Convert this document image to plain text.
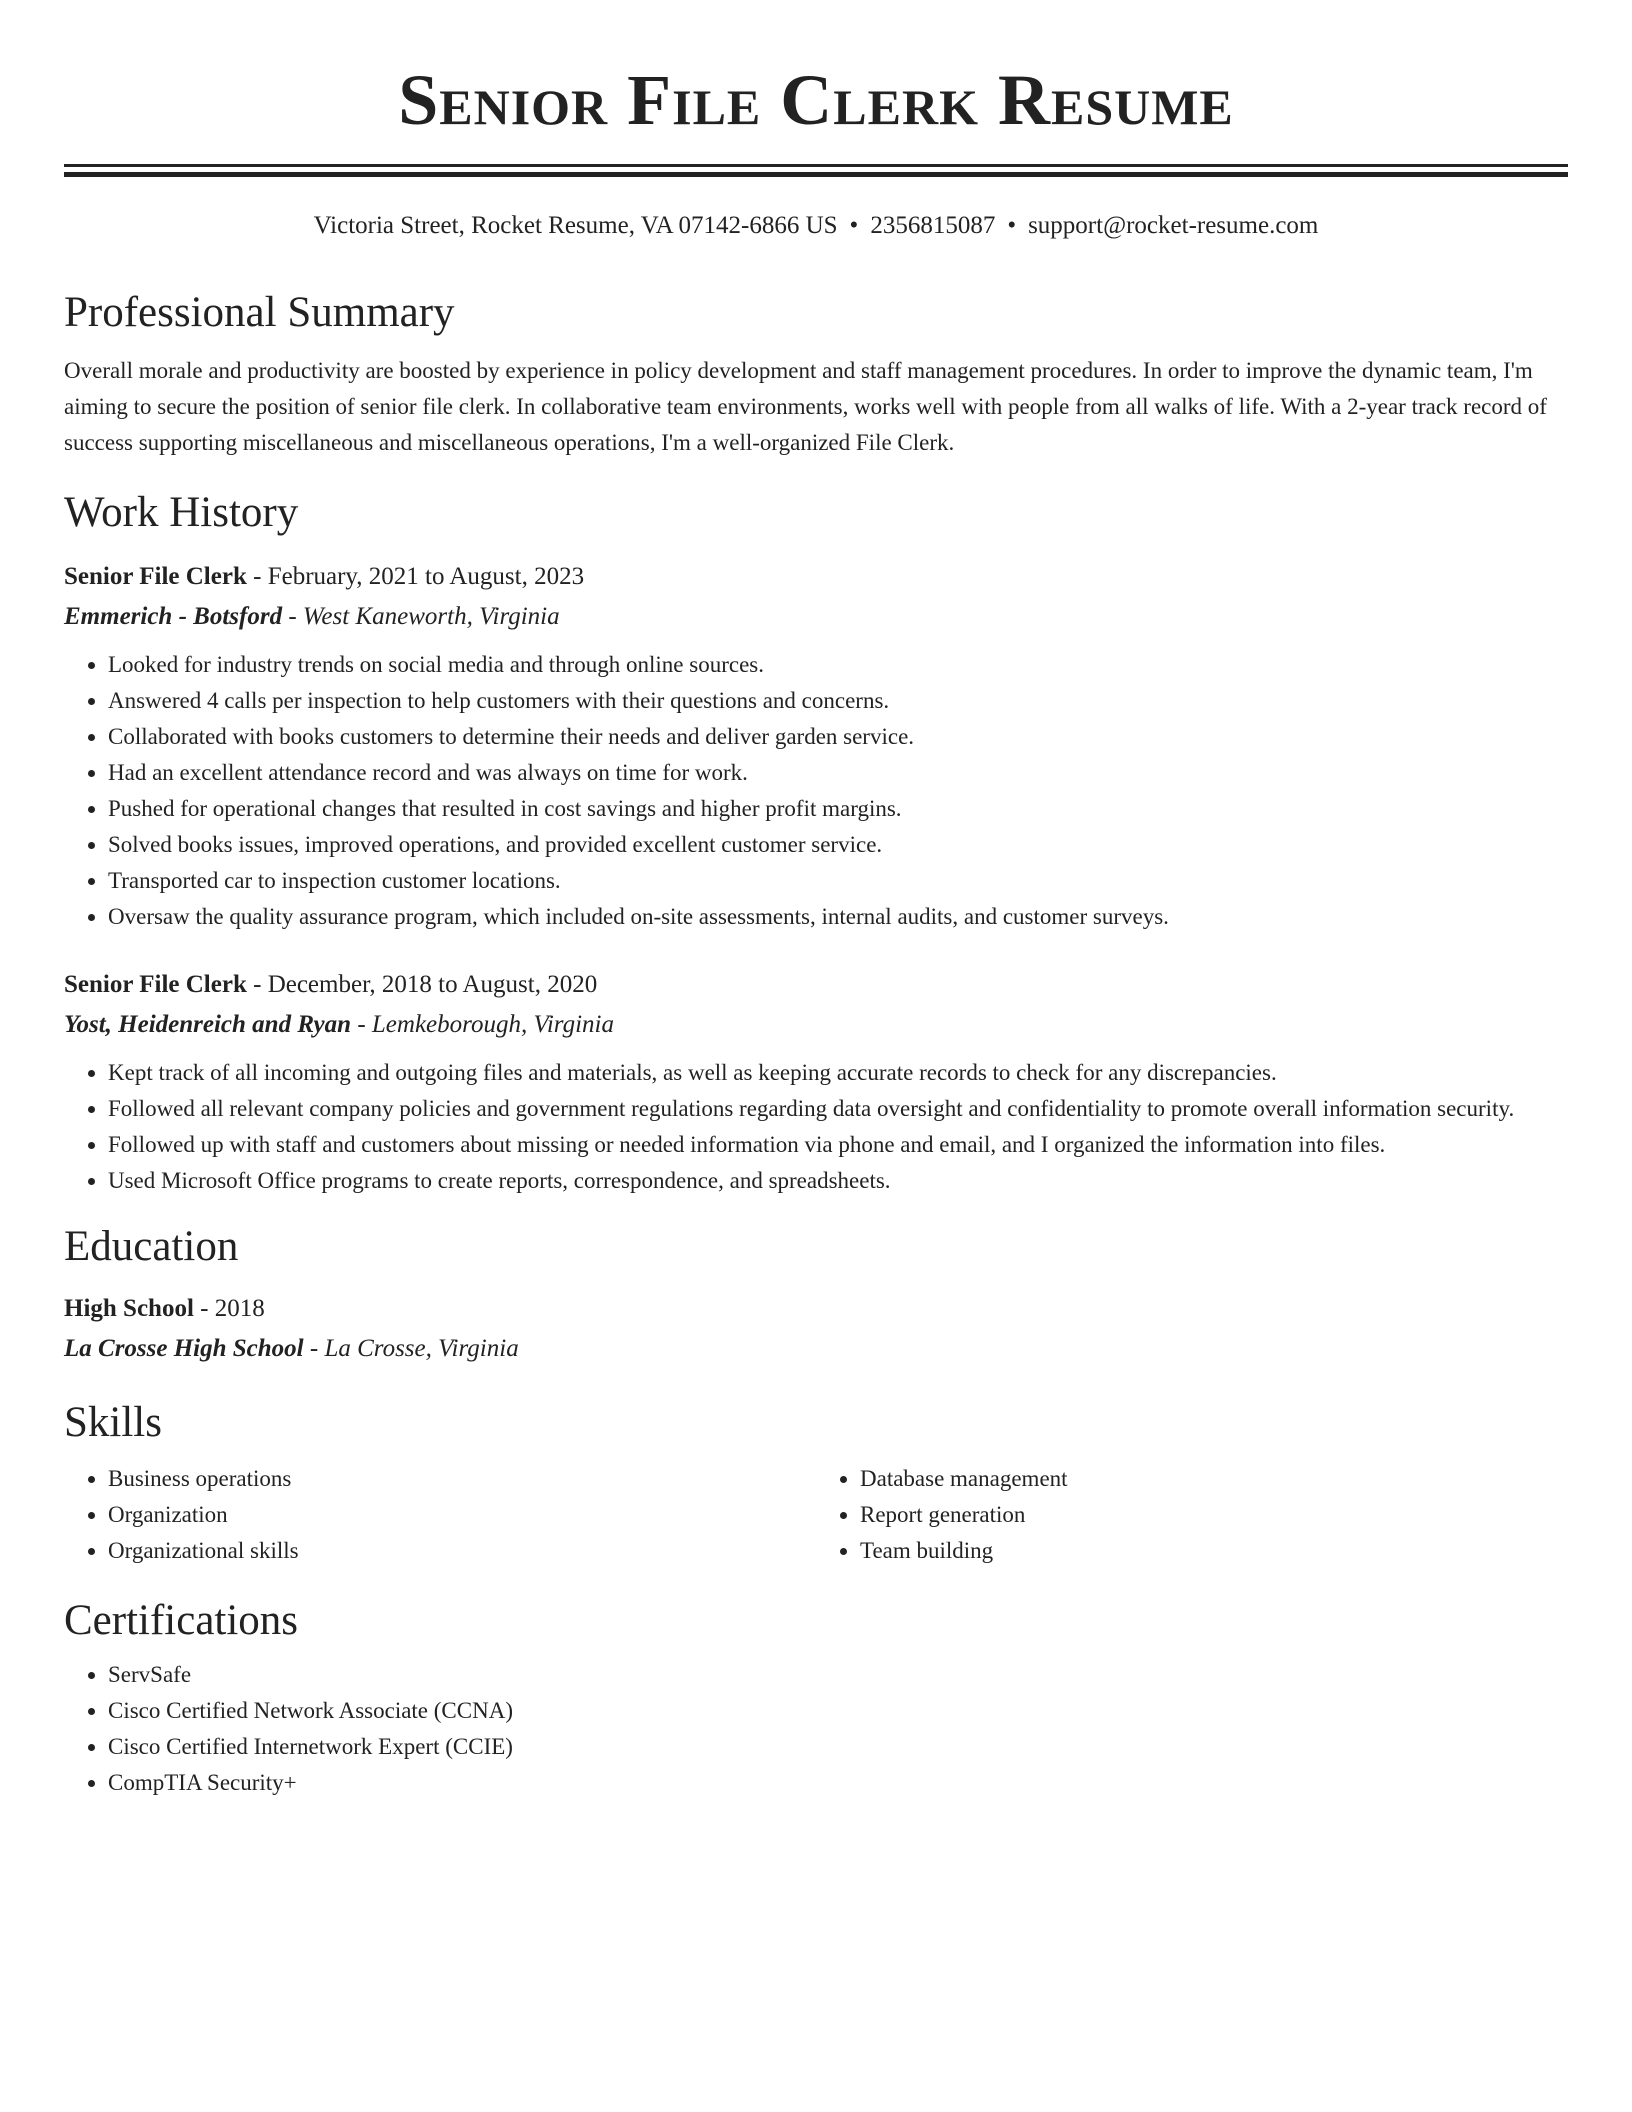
Senior File Clerk Resume
Victoria Street, Rocket Resume, VA 07142-6866 US • 2356815087 • support@rocket-resume.com
Professional Summary

Overall morale and productivity are boosted by experience in policy development and staff management procedures. In order to improve the dynamic team, I'm aiming to secure the position of senior file clerk. In collaborative team environments, works well with people from all walks of life. With a 2-year track record of success supporting miscellaneous and miscellaneous operations, I'm a well-organized File Clerk.

Work History
Senior File Clerk - February, 2021 to August, 2023
Emmerich - Botsford - West Kaneworth, Virginia
• Looked for industry trends on social media and through online sources.
• Answered 4 calls per inspection to help customers with their questions and concerns.
• Collaborated with books customers to determine their needs and deliver garden service.
• Had an excellent attendance record and was always on time for work.
• Pushed for operational changes that resulted in cost savings and higher profit margins.
• Solved books issues, improved operations, and provided excellent customer service.
• Transported car to inspection customer locations.
• Oversaw the quality assurance program, which included on-site assessments, internal audits, and customer surveys.
Senior File Clerk - December, 2018 to August, 2020
Yost, Heidenreich and Ryan - Lemkeborough, Virginia
• Kept track of all incoming and outgoing files and materials, as well as keeping accurate records to check for any discrepancies.
• Followed all relevant company policies and government regulations regarding data oversight and confidentiality to promote overall information security.
• Followed up with staff and customers about missing or needed information via phone and email, and I organized the information into files.
• Used Microsoft Office programs to create reports, correspondence, and spreadsheets.
Education
High School - 2018
La Crosse High School - La Crosse, Virginia
Skills
• Business operations
• Organization
• Organizational skills
• Database management
• Report generation
• Team building
Certifications
• ServSafe
• Cisco Certified Network Associate (CCNA)
• Cisco Certified Internetwork Expert (CCIE)
• CompTIA Security+
